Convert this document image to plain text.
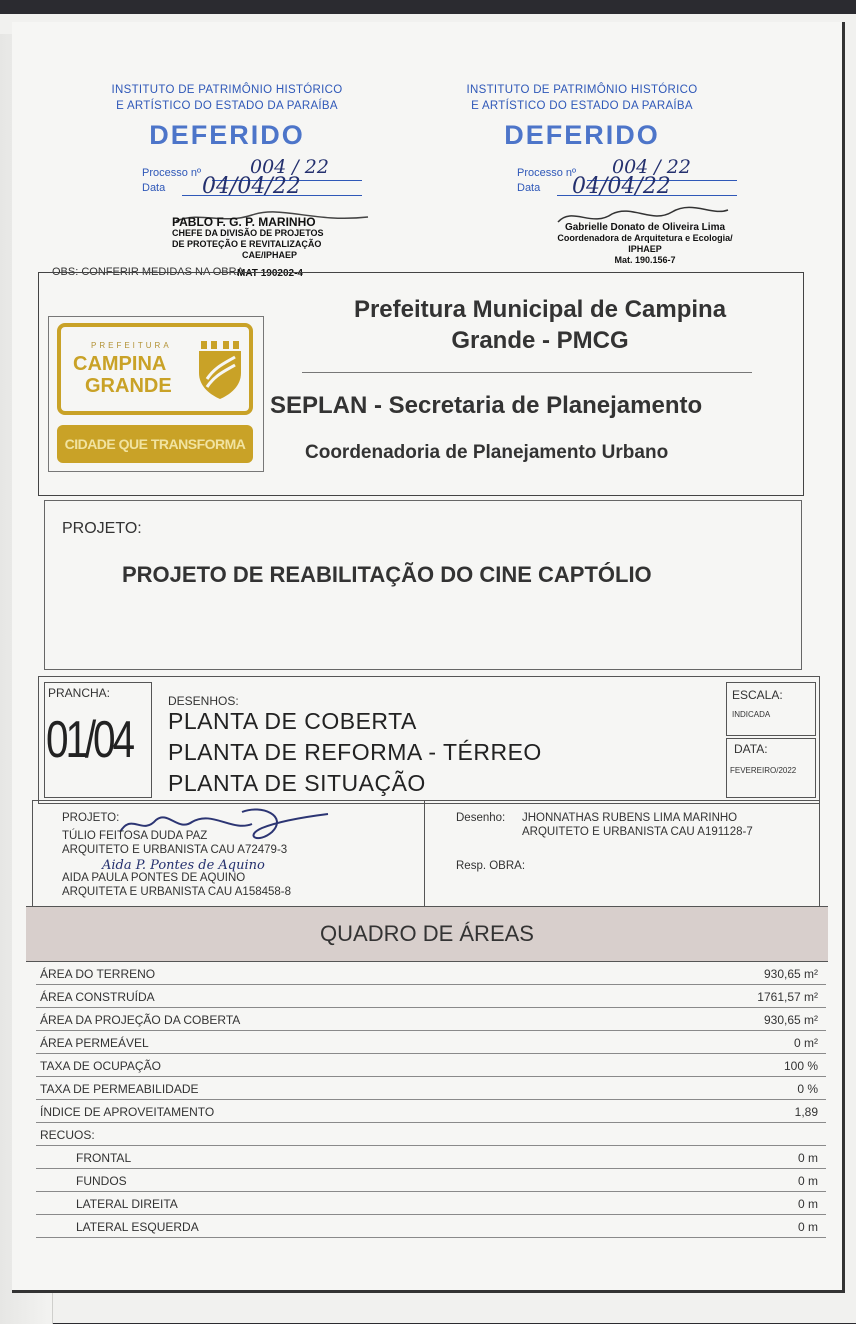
INSTITUTO DE PATRIMÔNIO HISTÓRICO
E ARTÍSTICO DO ESTADO DA PARAÍBA
DEFERIDO
Processo nº
Data
004 / 22
04/04/22
PABLO F. G. P. MARINHO
CHEFE DA DIVISÃO DE PROJETOS
DE PROTEÇÃO E REVITALIZAÇÃO
CAE/IPHAEP
OBS: CONFERIR MEDIDAS NA OBRA
MAT 190202-4
INSTITUTO DE PATRIMÔNIO HISTÓRICO
E ARTÍSTICO DO ESTADO DA PARAÍBA
DEFERIDO
Processo nº
Data
004 / 22
04/04/22
Gabrielle Donato de Oliveira Lima
Coordenadora de Arquitetura e Ecologia/
IPHAEP
Mat. 190.156-7
PREFEITURA
CAMPINA
GRANDE
CIDADE QUE TRANSFORMA
Prefeitura Municipal de Campina
Grande - PMCG
SEPLAN - Secretaria de Planejamento
Coordenadoria de Planejamento Urbano
PROJETO:
PROJETO DE REABILITAÇÃO DO CINE CAPTÓLIO
PRANCHA:
01/04
DESENHOS:
PLANTA DE COBERTA
PLANTA DE REFORMA - TÉRREO
PLANTA DE SITUAÇÃO
ESCALA:
INDICADA
DATA:
FEVEREIRO/2022
PROJETO:
TÚLIO FEITOSA DUDA PAZ
ARQUITETO E URBANISTA CAU A72479-3
Aida P. Pontes de Aquino
AIDA PAULA PONTES DE AQUINO
ARQUITETA E URBANISTA CAU A158458-8
Desenho: JHONNATHAS RUBENS LIMA MARINHO
ARQUITETO E URBANISTA CAU A191128-7
Resp. OBRA:
QUADRO DE ÁREAS
ÁREA DO TERRENO	930,65 m²
ÁREA CONSTRUÍDA	1761,57 m²
ÁREA DA PROJEÇÃO DA COBERTA	930,65 m²
ÁREA PERMEÁVEL	0 m²
TAXA DE OCUPAÇÃO	100 %
TAXA DE PERMEABILIDADE	0 %
ÍNDICE DE APROVEITAMENTO	1,89
RECUOS:
FRONTAL	0 m
FUNDOS	0 m
LATERAL DIREITA	0 m
LATERAL ESQUERDA	0 m
